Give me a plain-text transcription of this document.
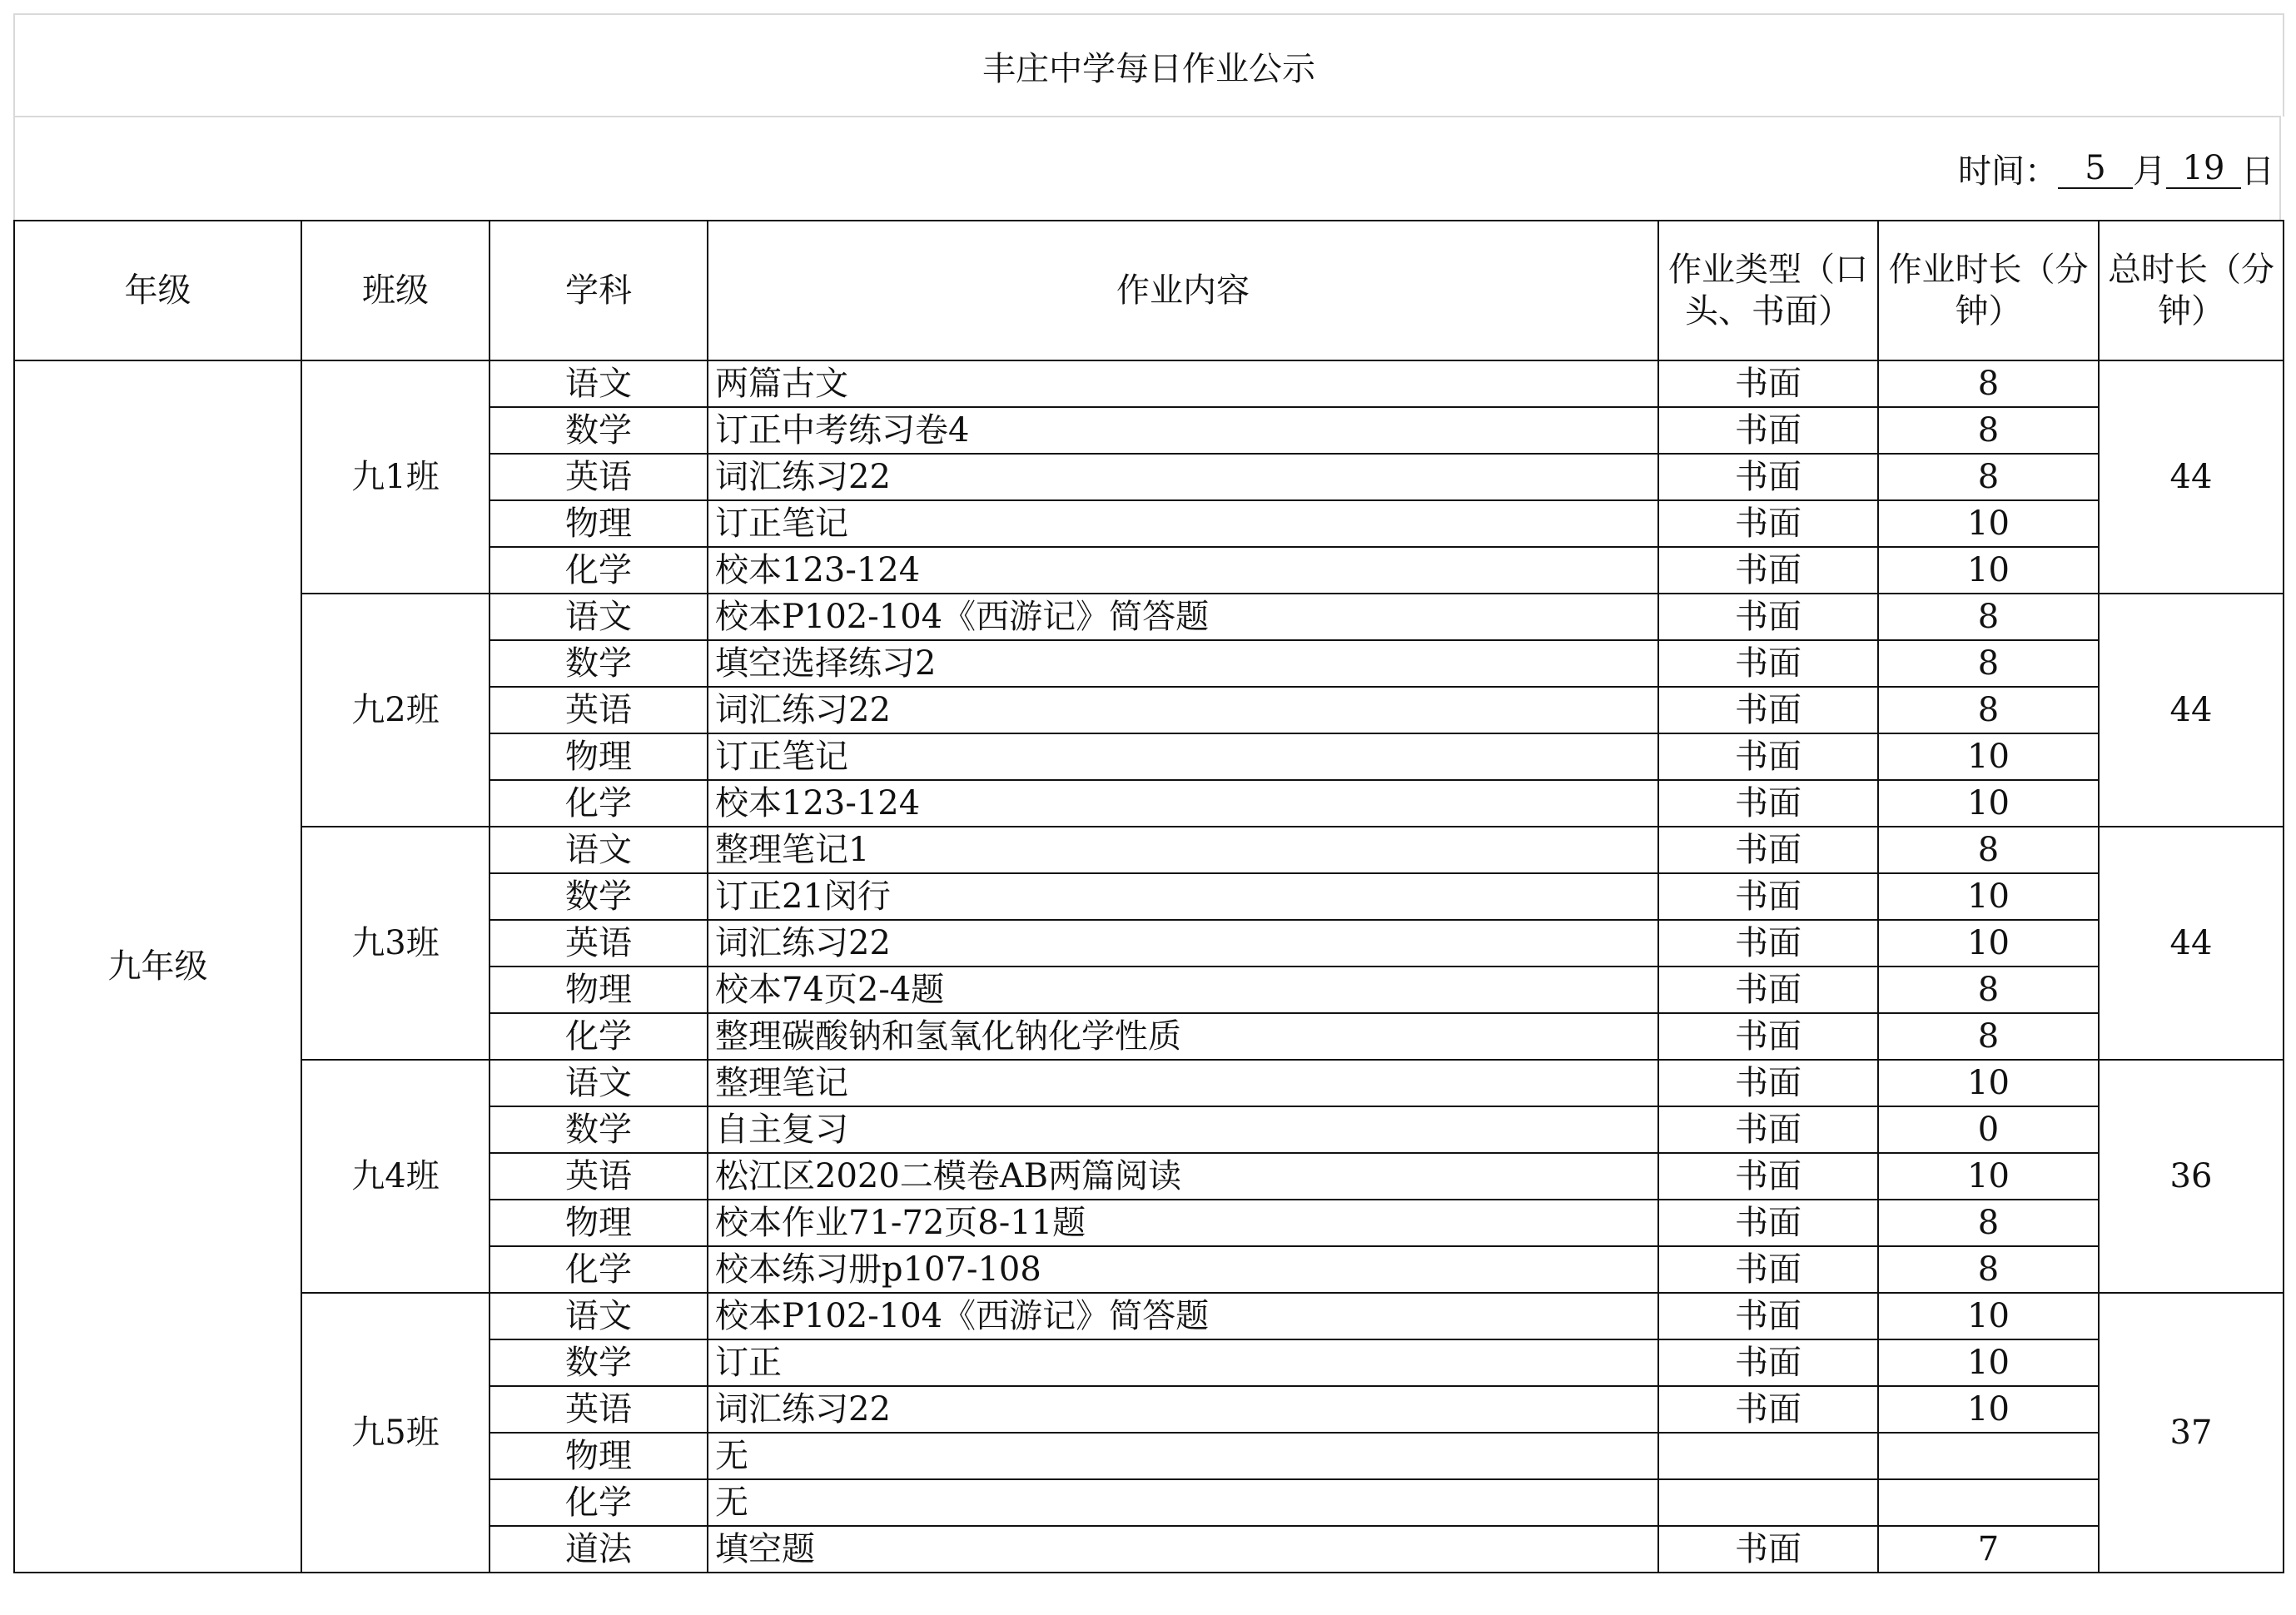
丰庄中学每日作业公示
时间： 5 月 19 日
年级	班级	学科	作业内容	作业类型（口头、书面）	作业时长（分钟）	总时长（分钟）
九年级	九1班	语文	两篇古文	书面	8	44
		数学	订正中考练习卷4	书面	8	
		英语	词汇练习22	书面	8	
		物理	订正笔记	书面	10	
		化学	校本123-124	书面	10	
	九2班	语文	校本P102-104《西游记》简答题	书面	8	44
		数学	填空选择练习2	书面	8	
		英语	词汇练习22	书面	8	
		物理	订正笔记	书面	10	
		化学	校本123-124	书面	10	
	九3班	语文	整理笔记1	书面	8	44
		数学	订正21闵行	书面	10	
		英语	词汇练习22	书面	10	
		物理	校本74页2-4题	书面	8	
		化学	整理碳酸钠和氢氧化钠化学性质	书面	8	
	九4班	语文	整理笔记	书面	10	36
		数学	自主复习	书面	0	
		英语	松江区2020二模卷AB两篇阅读	书面	10	
		物理	校本作业71-72页8-11题	书面	8	
		化学	校本练习册p107-108	书面	8	
	九5班	语文	校本P102-104《西游记》简答题	书面	10	37
		数学	订正	书面	10	
		英语	词汇练习22	书面	10	
		物理	无			
		化学	无			
		道法	填空题	书面	7	
